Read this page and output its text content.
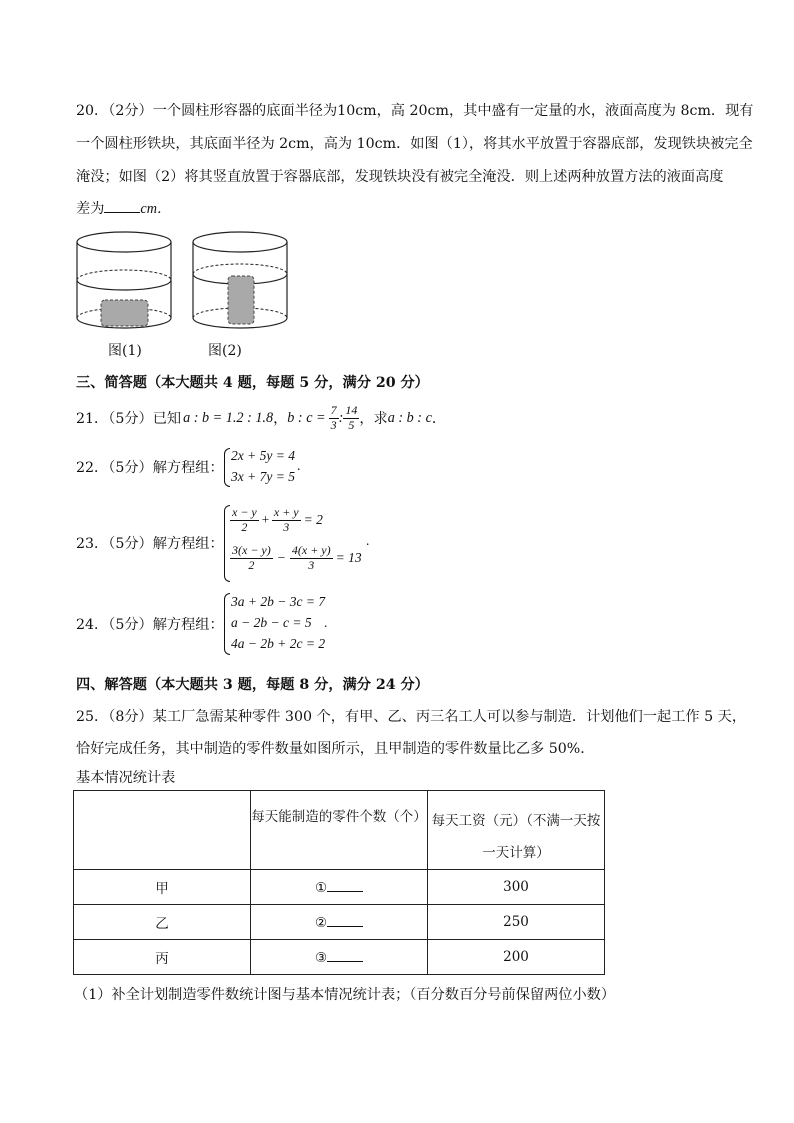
20．（2分）一个圆柱形容器的底面半径为10cm，高 20cm，其中盛有一定量的水，液面高度为 8cm．现有
一个圆柱形铁块，其底面半径为 2cm，高为 10cm．如图（1），将其水平放置于容器底部，发现铁块被完全
淹没；如图（2）将其竖直放置于容器底部，发现铁块没有被完全淹没．则上述两种放置方法的液面高度
差为	cm．
图(1)	图(2)
三、简答题（本大题共 4 题，每题 5 分，满分 20 分）
21．（5分）已知 a : b = 1.2 : 1.8 ， b : $c = \frac{7}{3}$ : $\frac{14}{5}$ ，求 a : b : c ．
22．（5分）解方程组：
2x + 5y = 4
3x + 7y = 5
.
23．（5分）解方程组：
$\frac{x - y}{2} + \frac{x + y}{3} = 2$
$\frac{3(x - y)}{2} - \frac{4(x + y)}{3} = 13$
.
24．（5分）解方程组：
3a + 2b − 3c = 7
a − 2b − c = 5
4a − 2b + 2c = 2
.
四、解答题（本大题共 3 题，每题 8 分，满分 24 分）
25．（8分）某工厂急需某种零件 300 个，有甲、乙、丙三名工人可以参与制造．计划他们一起工作 5 天，
恰好完成任务，其中制造的零件数量如图所示，且甲制造的零件数量比乙多 50%．
基本情况统计表
	每天能制造的零件个数（个）	每天工资（元）（不满一天按
一天计算）

甲	①	300
乙	②	250
丙	③	200
（1）补全计划制造零件数统计图与基本情况统计表；（百分数百分号前保留两位小数）
